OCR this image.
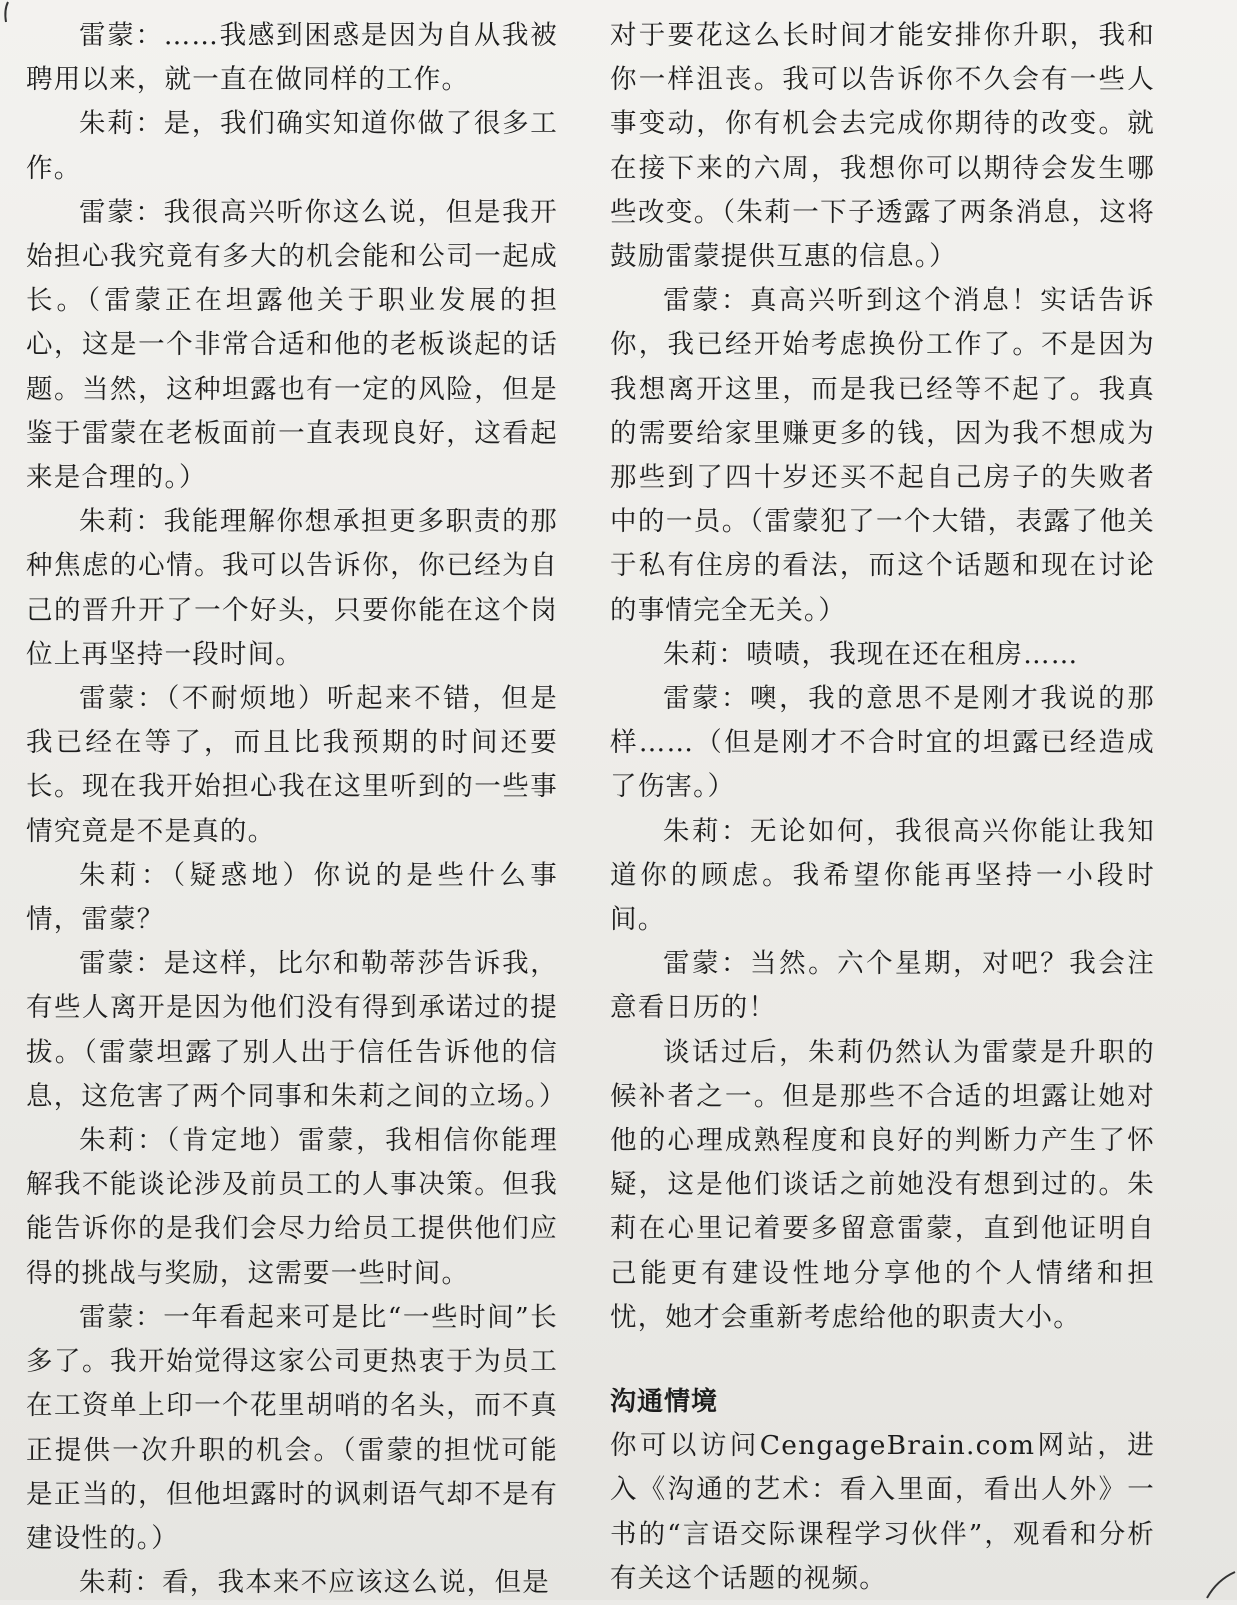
雷蒙：……我感到困惑是因为自从我被聘用以来，就一直在做同样的工作。

朱莉：是，我们确实知道你做了很多工作。

雷蒙：我很高兴听你这么说，但是我开始担心我究竟有多大的机会能和公司一起成长。（雷蒙正在坦露他关于职业发展的担心，这是一个非常合适和他的老板谈起的话题。当然，这种坦露也有一定的风险，但是鉴于雷蒙在老板面前一直表现良好，这看起来是合理的。）

朱莉：我能理解你想承担更多职责的那种焦虑的心情。我可以告诉你，你已经为自己的晋升开了一个好头，只要你能在这个岗位上再坚持一段时间。

雷蒙：（不耐烦地）听起来不错，但是我已经在等了，而且比我预期的时间还要长。现在我开始担心我在这里听到的一些事情究竟是不是真的。

朱莉：（疑惑地）你说的是些什么事情，雷蒙？

雷蒙：是这样，比尔和勒蒂莎告诉我，有些人离开是因为他们没有得到承诺过的提拔。（雷蒙坦露了别人出于信任告诉他的信息，这危害了两个同事和朱莉之间的立场。）

朱莉：（肯定地）雷蒙，我相信你能理解我不能谈论涉及前员工的人事决策。但我能告诉你的是我们会尽力给员工提供他们应得的挑战与奖励，这需要一些时间。

雷蒙：一年看起来可是比“一些时间”长多了。我开始觉得这家公司更热衷于为员工在工资单上印一个花里胡哨的名头，而不真正提供一次升职的机会。（雷蒙的担忧可能是正当的，但他坦露时的讽刺语气却不是有建设性的。）

朱莉：看，我本来不应该这么说，但是

对于要花这么长时间才能安排你升职，我和你一样沮丧。我可以告诉你不久会有一些人事变动，你有机会去完成你期待的改变。就在接下来的六周，我想你可以期待会发生哪些改变。（朱莉一下子透露了两条消息，这将鼓励雷蒙提供互惠的信息。）

雷蒙：真高兴听到这个消息！实话告诉你，我已经开始考虑换份工作了。不是因为我想离开这里，而是我已经等不起了。我真的需要给家里赚更多的钱，因为我不想成为那些到了四十岁还买不起自己房子的失败者中的一员。（雷蒙犯了一个大错，表露了他关于私有住房的看法，而这个话题和现在讨论的事情完全无关。）

朱莉：啧啧，我现在还在租房……

雷蒙：噢，我的意思不是刚才我说的那样……（但是刚才不合时宜的坦露已经造成了伤害。）

朱莉：无论如何，我很高兴你能让我知道你的顾虑。我希望你能再坚持一小段时间。

雷蒙：当然。六个星期，对吧？我会注意看日历的！

谈话过后，朱莉仍然认为雷蒙是升职的候补者之一。但是那些不合适的坦露让她对他的心理成熟程度和良好的判断力产生了怀疑，这是他们谈话之前她没有想到过的。朱莉在心里记着要多留意雷蒙，直到他证明自己能更有建设性地分享他的个人情绪和担忧，她才会重新考虑给他的职责大小。

沟通情境

你可以访问CengageBrain.com网站，进入《沟通的艺术：看入里面，看出人外》一书的“言语交际课程学习伙伴”，观看和分析有关这个话题的视频。
